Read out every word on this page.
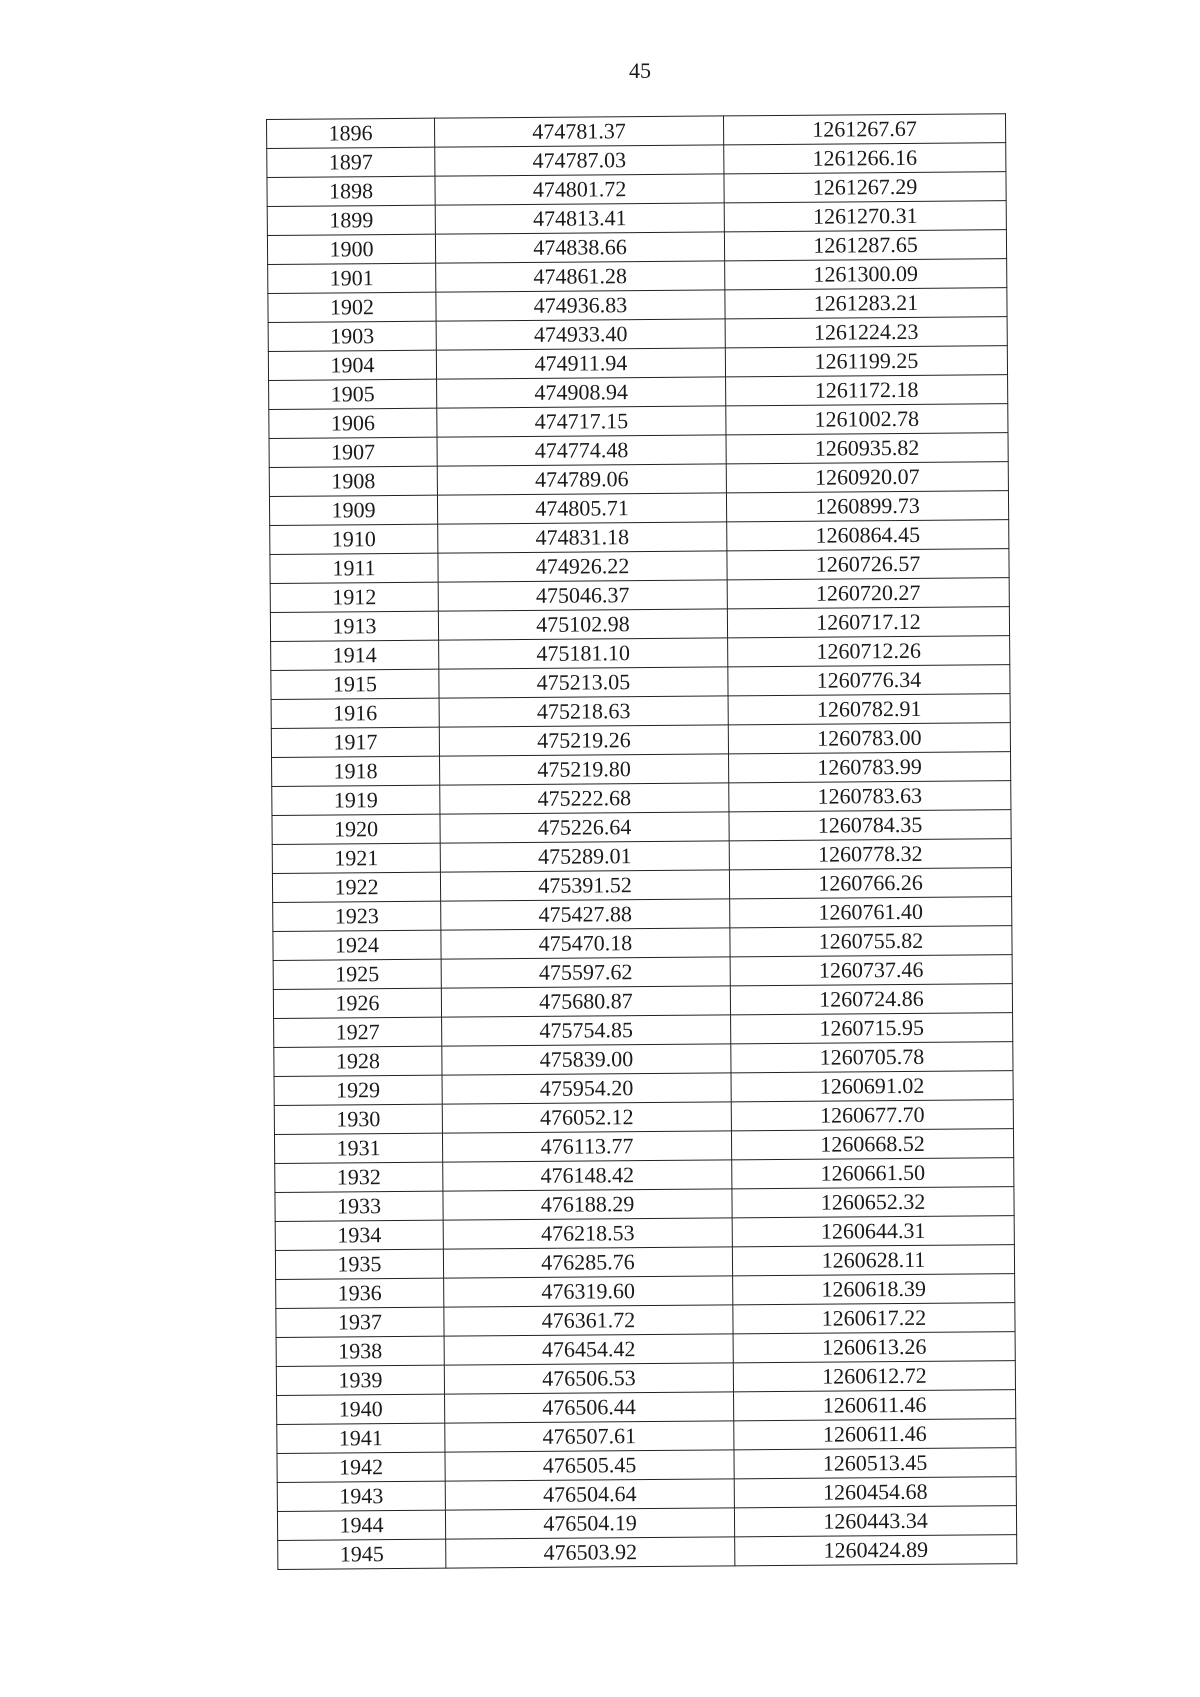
45
1896	474781.37	1261267.67
1897	474787.03	1261266.16
1898	474801.72	1261267.29
1899	474813.41	1261270.31
1900	474838.66	1261287.65
1901	474861.28	1261300.09
1902	474936.83	1261283.21
1903	474933.40	1261224.23
1904	474911.94	1261199.25
1905	474908.94	1261172.18
1906	474717.15	1261002.78
1907	474774.48	1260935.82
1908	474789.06	1260920.07
1909	474805.71	1260899.73
1910	474831.18	1260864.45
1911	474926.22	1260726.57
1912	475046.37	1260720.27
1913	475102.98	1260717.12
1914	475181.10	1260712.26
1915	475213.05	1260776.34
1916	475218.63	1260782.91
1917	475219.26	1260783.00
1918	475219.80	1260783.99
1919	475222.68	1260783.63
1920	475226.64	1260784.35
1921	475289.01	1260778.32
1922	475391.52	1260766.26
1923	475427.88	1260761.40
1924	475470.18	1260755.82
1925	475597.62	1260737.46
1926	475680.87	1260724.86
1927	475754.85	1260715.95
1928	475839.00	1260705.78
1929	475954.20	1260691.02
1930	476052.12	1260677.70
1931	476113.77	1260668.52
1932	476148.42	1260661.50
1933	476188.29	1260652.32
1934	476218.53	1260644.31
1935	476285.76	1260628.11
1936	476319.60	1260618.39
1937	476361.72	1260617.22
1938	476454.42	1260613.26
1939	476506.53	1260612.72
1940	476506.44	1260611.46
1941	476507.61	1260611.46
1942	476505.45	1260513.45
1943	476504.64	1260454.68
1944	476504.19	1260443.34
1945	476503.92	1260424.89
